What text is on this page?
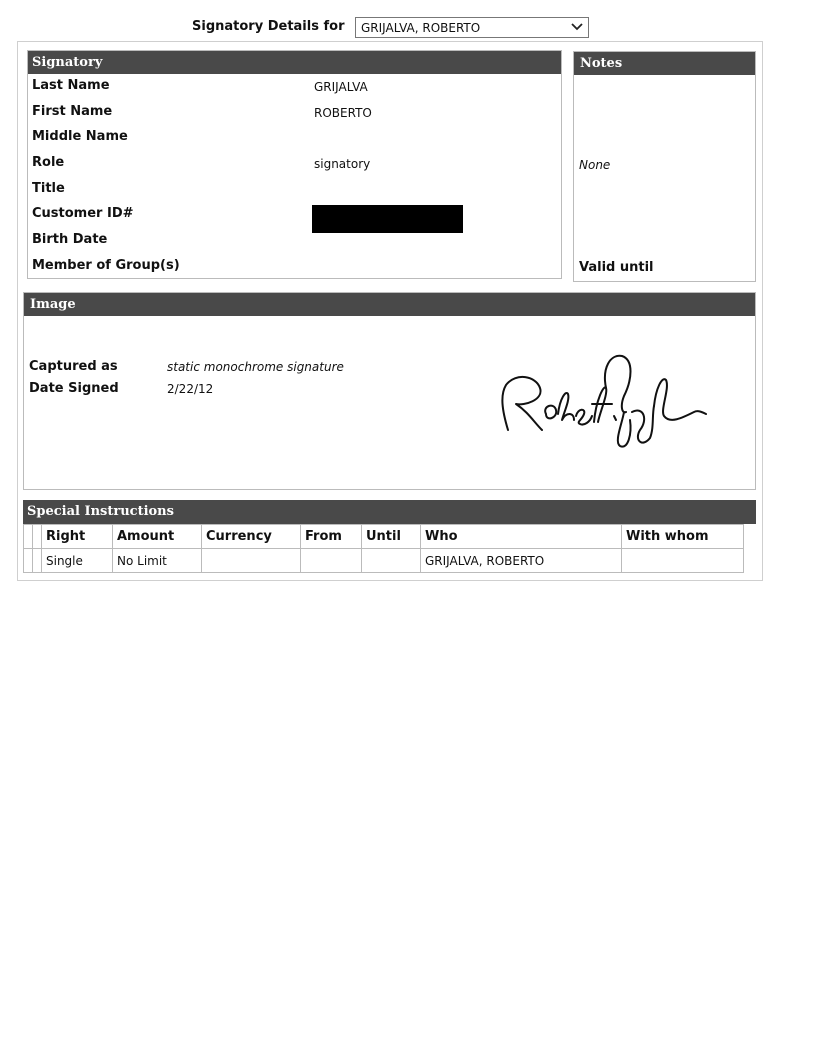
Signatory Details for	GRIJALVA, ROBERTO
Signatory
Last Name	GRIJALVA
First Name	ROBERTO
Middle Name
Role	signatory
Title
Customer ID#
Birth Date
Member of Group(s)
Notes
None
Valid until
Image
Captured as	static monochrome signature
Date Signed	2/22/12
Special Instructions
		Right	Amount	Currency	From	Until	Who	With whom
		Single	No Limit				GRIJALVA, ROBERTO	
